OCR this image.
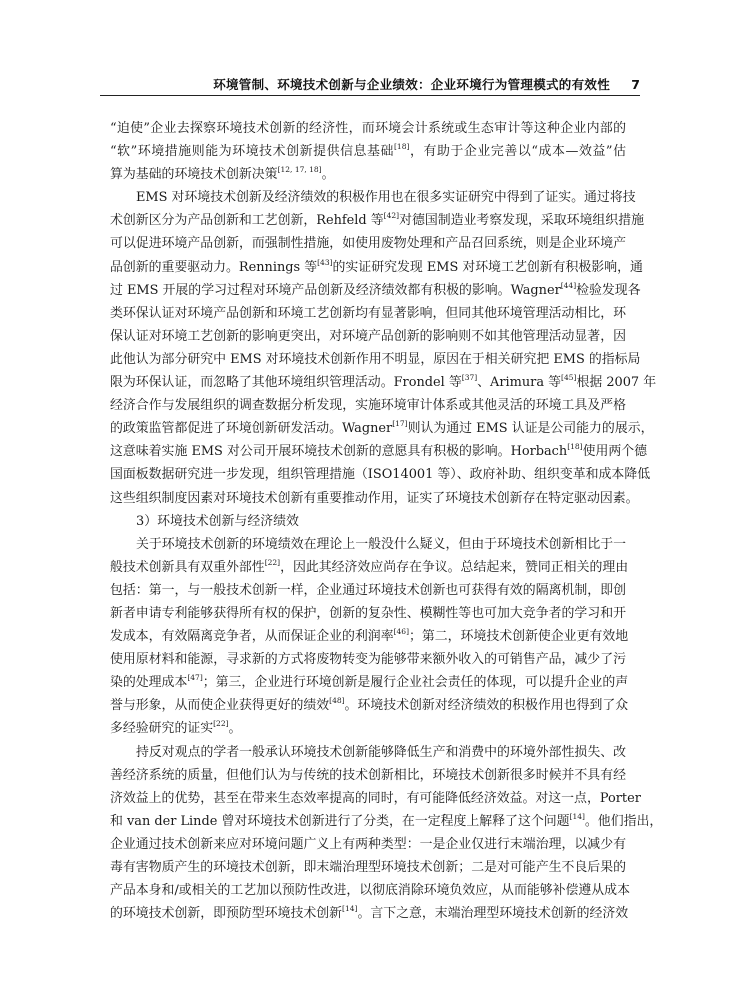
环境管制、环境技术创新与企业绩效：企业环境行为管理模式的有效性	7
“迫使”企业去探察环境技术创新的经济性，而环境会计系统或生态审计等这种企业内部的
“软”环境措施则能为环境技术创新提供信息基础[18]，有助于企业完善以“成本—效益”估
算为基础的环境技术创新决策[12, 17, 18]。
EMS 对环境技术创新及经济绩效的积极作用也在很多实证研究中得到了证实。通过将技
术创新区分为产品创新和工艺创新，Rehfeld 等[42]对德国制造业考察发现，采取环境组织措施
可以促进环境产品创新，而强制性措施，如使用废物处理和产品召回系统，则是企业环境产
品创新的重要驱动力。Rennings 等[43]的实证研究发现 EMS 对环境工艺创新有积极影响，通
过 EMS 开展的学习过程对环境产品创新及经济绩效都有积极的影响。Wagner[44]检验发现各
类环保认证对环境产品创新和环境工艺创新均有显著影响，但同其他环境管理活动相比，环
保认证对环境工艺创新的影响更突出，对环境产品创新的影响则不如其他管理活动显著，因
此他认为部分研究中 EMS 对环境技术创新作用不明显，原因在于相关研究把 EMS 的指标局
限为环保认证，而忽略了其他环境组织管理活动。Frondel 等[37]、Arimura 等[45]根据 2007 年
经济合作与发展组织的调查数据分析发现，实施环境审计体系或其他灵活的环境工具及严格
的政策监管都促进了环境创新研发活动。Wagner[17]则认为通过 EMS 认证是公司能力的展示，
这意味着实施 EMS 对公司开展环境技术创新的意愿具有积极的影响。Horbach[18]使用两个德
国面板数据研究进一步发现，组织管理措施（ISO14001 等）、政府补助、组织变革和成本降低
这些组织制度因素对环境技术创新有重要推动作用，证实了环境技术创新存在特定驱动因素。
3）环境技术创新与经济绩效
关于环境技术创新的环境绩效在理论上一般没什么疑义，但由于环境技术创新相比于一
般技术创新具有双重外部性[22]，因此其经济效应尚存在争议。总结起来，赞同正相关的理由
包括：第一，与一般技术创新一样，企业通过环境技术创新也可获得有效的隔离机制，即创
新者申请专利能够获得所有权的保护，创新的复杂性、模糊性等也可加大竞争者的学习和开
发成本，有效隔离竞争者，从而保证企业的利润率[46]；第二，环境技术创新使企业更有效地
使用原材料和能源，寻求新的方式将废物转变为能够带来额外收入的可销售产品，减少了污
染的处理成本[47]；第三，企业进行环境创新是履行企业社会责任的体现，可以提升企业的声
誉与形象，从而使企业获得更好的绩效[48]。环境技术创新对经济绩效的积极作用也得到了众
多经验研究的证实[22]。
持反对观点的学者一般承认环境技术创新能够降低生产和消费中的环境外部性损失、改
善经济系统的质量，但他们认为与传统的技术创新相比，环境技术创新很多时候并不具有经
济效益上的优势，甚至在带来生态效率提高的同时，有可能降低经济效益。对这一点，Porter
和 van der Linde 曾对环境技术创新进行了分类，在一定程度上解释了这个问题[14]。他们指出，
企业通过技术创新来应对环境问题广义上有两种类型：一是企业仅进行末端治理，以减少有
毒有害物质产生的环境技术创新，即末端治理型环境技术创新；二是对可能产生不良后果的
产品本身和/或相关的工艺加以预防性改进，以彻底消除环境负效应，从而能够补偿遵从成本
的环境技术创新，即预防型环境技术创新[14]。言下之意，末端治理型环境技术创新的经济效
